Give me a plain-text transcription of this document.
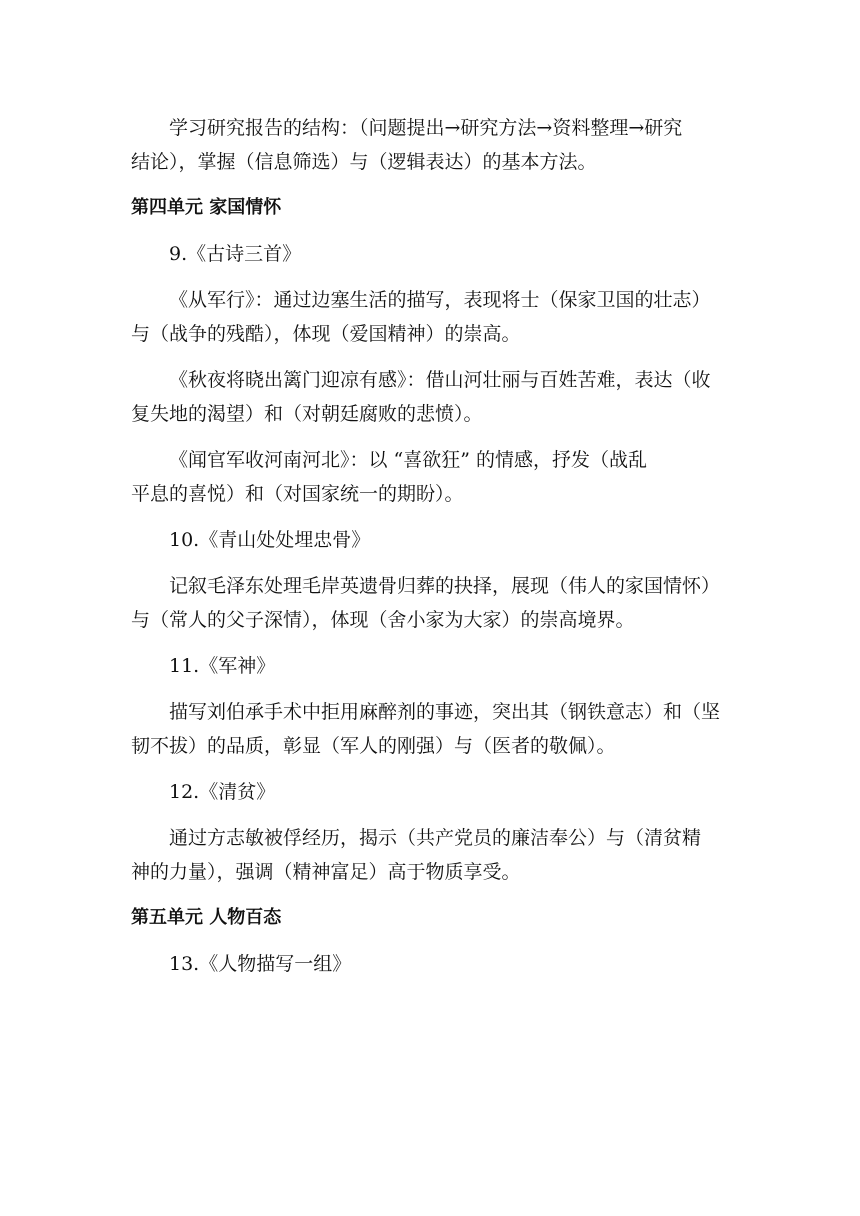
学习研究报告的结构：（问题提出→研究方法→资料整理→研究

结论），掌握（信息筛选）与（逻辑表达）的基本方法。

第四单元 家国情怀

9.《古诗三首》

《从军行》：通过边塞生活的描写，表现将士（保家卫国的壮志）

与（战争的残酷），体现（爱国精神）的崇高。

《秋夜将晓出篱门迎凉有感》：借山河壮丽与百姓苦难，表达（收

复失地的渴望）和（对朝廷腐败的悲愤）。

《闻官军收河南河北》：以 “喜欲狂” 的情感，抒发（战乱

平息的喜悦）和（对国家统一的期盼）。

10.《青山处处埋忠骨》

记叙毛泽东处理毛岸英遗骨归葬的抉择，展现（伟人的家国情怀）

与（常人的父子深情），体现（舍小家为大家）的崇高境界。

11.《军神》

描写刘伯承手术中拒用麻醉剂的事迹，突出其（钢铁意志）和（坚

韧不拔）的品质，彰显（军人的刚强）与（医者的敬佩）。

12.《清贫》

通过方志敏被俘经历，揭示（共产党员的廉洁奉公）与（清贫精

神的力量），强调（精神富足）高于物质享受。

第五单元 人物百态

13.《人物描写一组》
